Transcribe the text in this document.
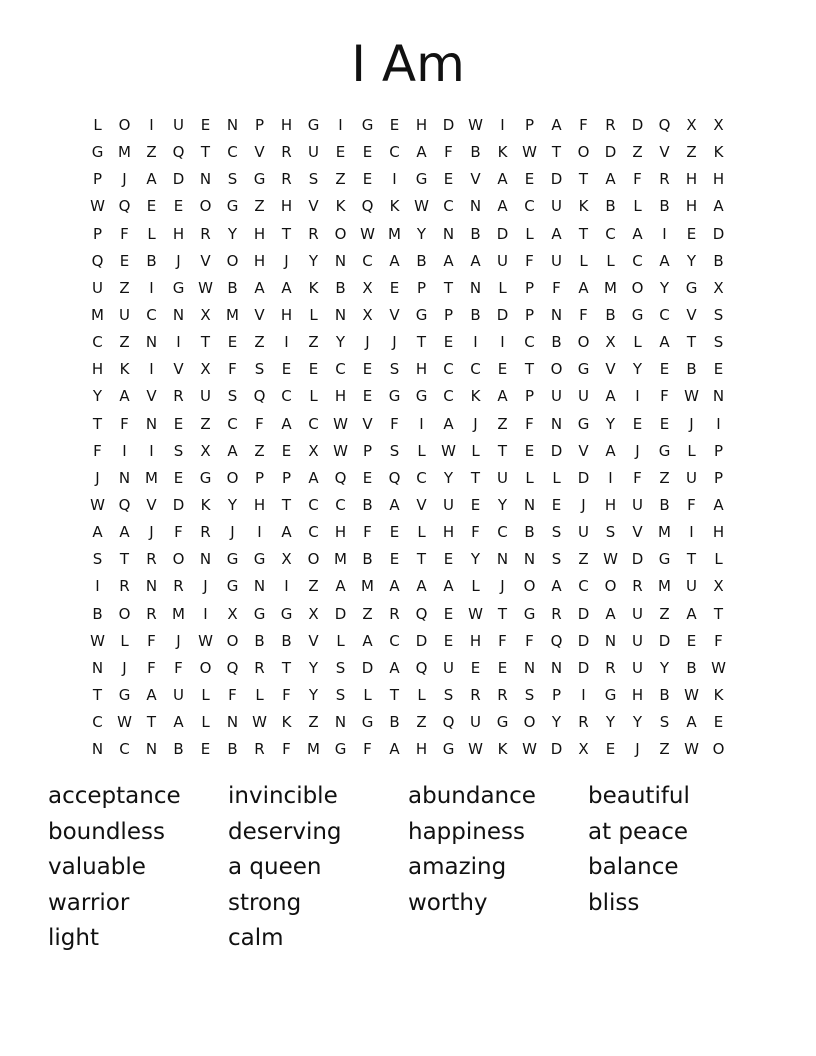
I Am
L	O	I	U	E	N	P	H	G	I	G	E	H	D W	I	P	A	F	R	D	Q	X	X
G M	Z	Q	T	C	V	R	U	E	E	C	A	F	B	K W T	O	D	Z	V	Z	K
P	J	A	D	N	S	G	R	S	Z	E	I	G	E	V	A	E	D	T	A	F	R	H	H
W Q	E	E	O	G	Z	H	V	K	Q	K W C	N	A	C	U	K	B	L	B	H	A
P	F	L	H	R	Y	H	T	R	O W M	Y	N	B	D	L	A	T	C	A	I	E	D
Q	E	B	J	V	O	H	J	Y	N	C	A	B	A	A	U	F	U	L	L	C	A	Y	B
U	Z	I	G W B	A	A	K	B	X	E	P	T	N	L	P	F	A	M O	Y	G	X
M	U	C	N	X	M	V	H	L	N	X	V	G	P	B	D	P	N	F	B	G	C	V	S
C	Z	N	I	T	E	Z	I	Z	Y	J	J	T	E	I	I	C	B	O	X	L	A	T	S
H	K	I	V	X	F	S	E	E	C	E	S	H	C	C	E	T	O	G	V	Y	E	B	E
Y	A	V	R	U	S	Q	C	L	H	E	G	G	C	K	A	P	U	U	A	I	F	W N
T	F	N	E	Z	C	F	A	C W V	F	I	A	J	Z	F	N	G	Y	E	E	J	I
F	I	I	S	X	A	Z	E	X W	P	S	L	W	L	T	E	D	V	A	J	G	L	P
J	N M	E	G	O	P	P	A	Q	E	Q	C	Y	T	U	L	L	D	I	F	Z	U	P
W Q	V	D	K	Y	H	T	C	C	B	A	V	U	E	Y	N	E	J	H	U	B	F	A
A	A	J	F	R	J	I	A	C	H	F	E	L	H	F	C	B	S	U	S	V	M	I	H
S	T	R	O	N	G	G	X	O M	B	E	T	E	Y	N	N	S	Z W D	G	T	L
I	R	N	R	J	G	N	I	Z	A	M	A	A	A	L	J	O	A	C	O	R	M	U	X
B	O	R	M	I	X	G	G	X	D	Z	R	Q	E W T	G	R	D	A	U	Z	A	T
W	L	F	J	W O	B	B	V	L	A	C	D	E	H	F	F	Q	D	N	U	D	E	F
N	J	F	F	O	Q	R	T	Y	S	D	A	Q	U	E	E	N	N	D	R	U	Y	B W
T	G	A	U	L	F	L	F	Y	S	L	T	L	S	R	R	S	P	I	G	H	B W K
C W T	A	L	N W K	Z	N	G	B	Z	Q	U	G	O	Y	R	Y	Y	S	A	E
N	C	N	B	E	B	R	F	M G	F	A	H	G W K W D	X	E	J	Z W O
acceptance	invincible	abundance	beautiful
boundless	deserving	happiness	at peace
valuable	a queen	amazing	balance
warrior	strong	worthy	bliss
light	calm
